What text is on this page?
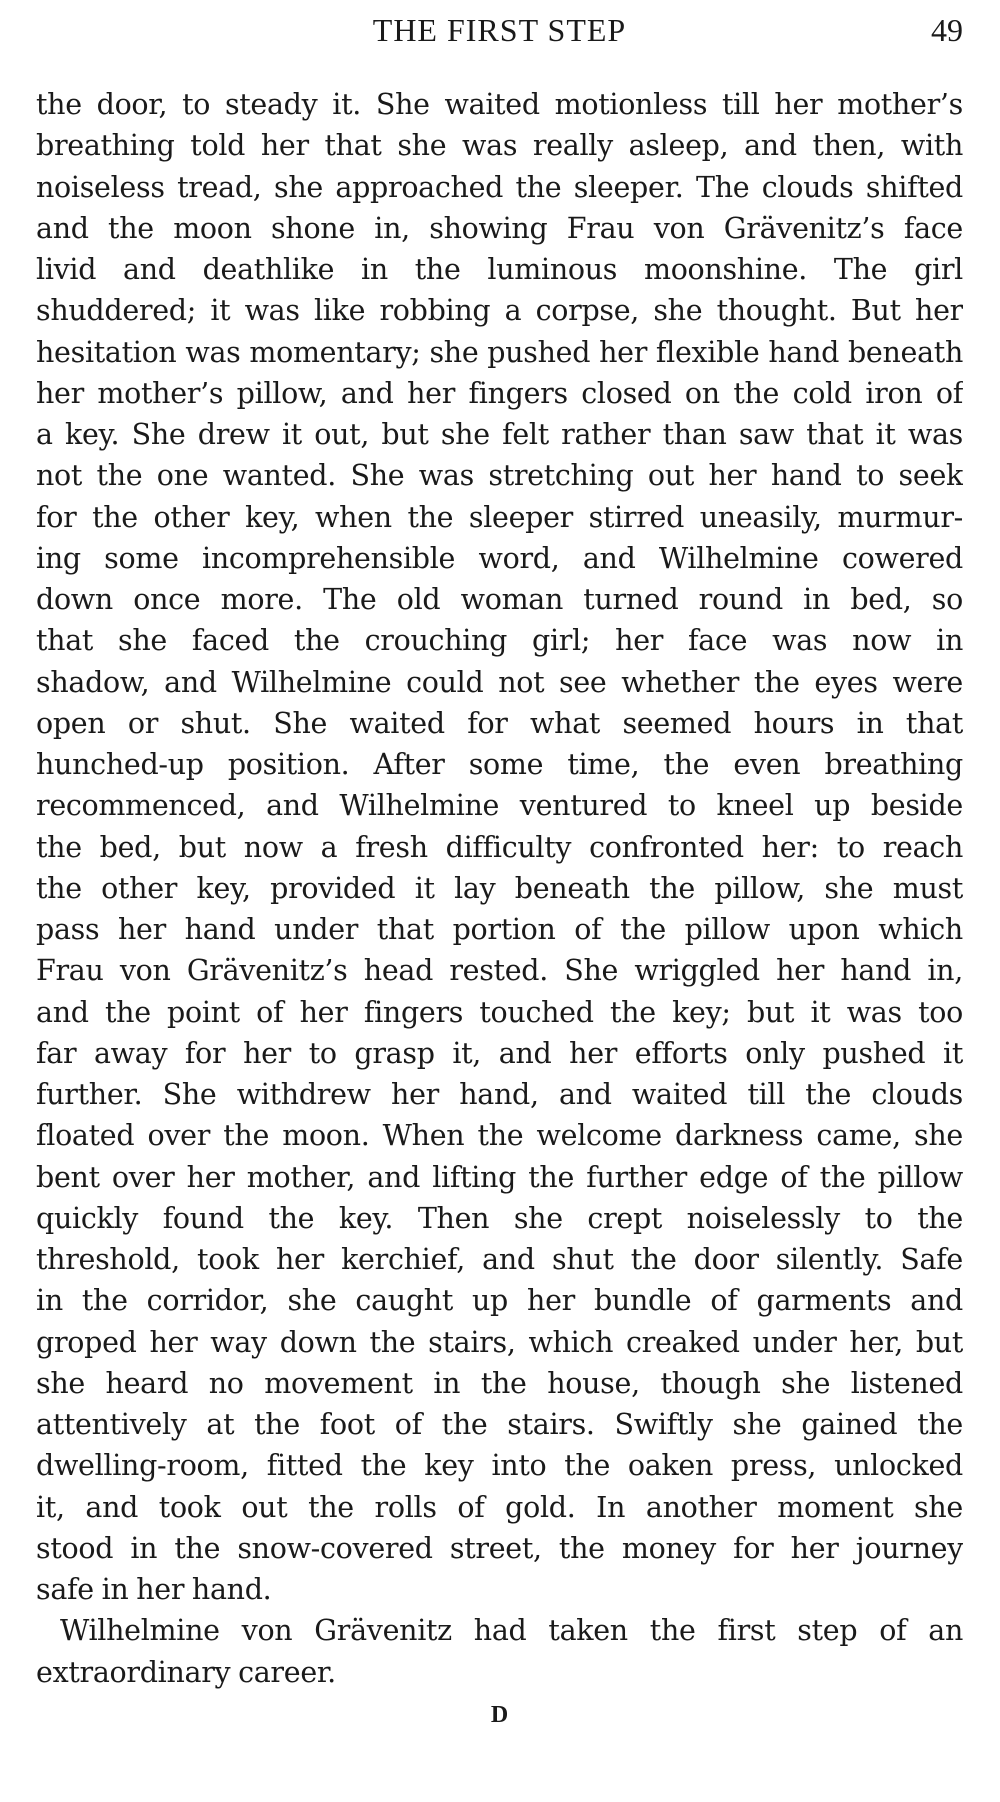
THE FIRST STEP	49
the door, to steady it. She waited motionless till her mother’s
breathing told her that she was really asleep, and then, with
noiseless tread, she approached the sleeper. The clouds shifted
and the moon shone in, showing Frau von Grävenitz’s face
livid and deathlike in the luminous moonshine. The girl
shuddered; it was like robbing a corpse, she thought. But her
hesitation was momentary; she pushed her flexible hand beneath
her mother’s pillow, and her fingers closed on the cold iron of
a key. She drew it out, but she felt rather than saw that it was
not the one wanted. She was stretching out her hand to seek
for the other key, when the sleeper stirred uneasily, murmur-
ing some incomprehensible word, and Wilhelmine cowered
down once more. The old woman turned round in bed, so
that she faced the crouching girl; her face was now in
shadow, and Wilhelmine could not see whether the eyes were
open or shut. She waited for what seemed hours in that
hunched-up position. After some time, the even breathing
recommenced, and Wilhelmine ventured to kneel up beside
the bed, but now a fresh difficulty confronted her: to reach
the other key, provided it lay beneath the pillow, she must
pass her hand under that portion of the pillow upon which
Frau von Grävenitz’s head rested. She wriggled her hand in,
and the point of her fingers touched the key; but it was too
far away for her to grasp it, and her efforts only pushed it
further. She withdrew her hand, and waited till the clouds
floated over the moon. When the welcome darkness came, she
bent over her mother, and lifting the further edge of the pillow
quickly found the key. Then she crept noiselessly to the
threshold, took her kerchief, and shut the door silently. Safe
in the corridor, she caught up her bundle of garments and
groped her way down the stairs, which creaked under her, but
she heard no movement in the house, though she listened
attentively at the foot of the stairs. Swiftly she gained the
dwelling-room, fitted the key into the oaken press, unlocked
it, and took out the rolls of gold. In another moment she
stood in the snow-covered street, the money for her journey
safe in her hand.
Wilhelmine von Grävenitz had taken the first step of an
extraordinary career.
D
